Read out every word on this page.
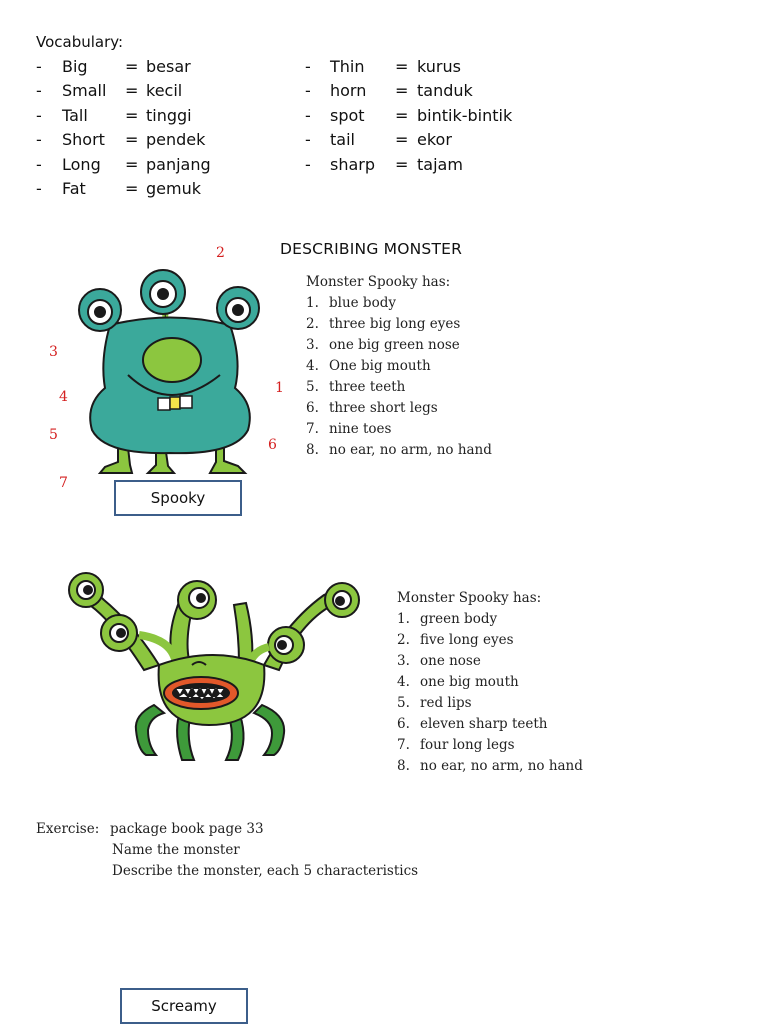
Vocabulary:
- Big = besar
- Small = kecil
- Tall = tinggi
- Short = pendek
- Long = panjang
- Fat = gemuk
- Thin = kurus
- horn = tanduk
- spot = bintik-bintik
- tail	= ekor
- sharp = tajam
DESCRIBING MONSTER
1
2
3
4
5
6
7
Spooky
Monster Spooky has:
1. blue body
2. three big long eyes
3. one big green nose
4. One big mouth
5. three teeth
6. three short legs
7. nine toes
8. no ear, no arm, no hand
Monster Spooky has:
1. green body
2. five long eyes
3. one nose
4. one big mouth
5. red lips
6. eleven sharp teeth
7. four long legs
8. no ear, no arm, no hand
Exercise: package book page 33
Name the monster
Describe the monster, each 5 characteristics
Screamy
